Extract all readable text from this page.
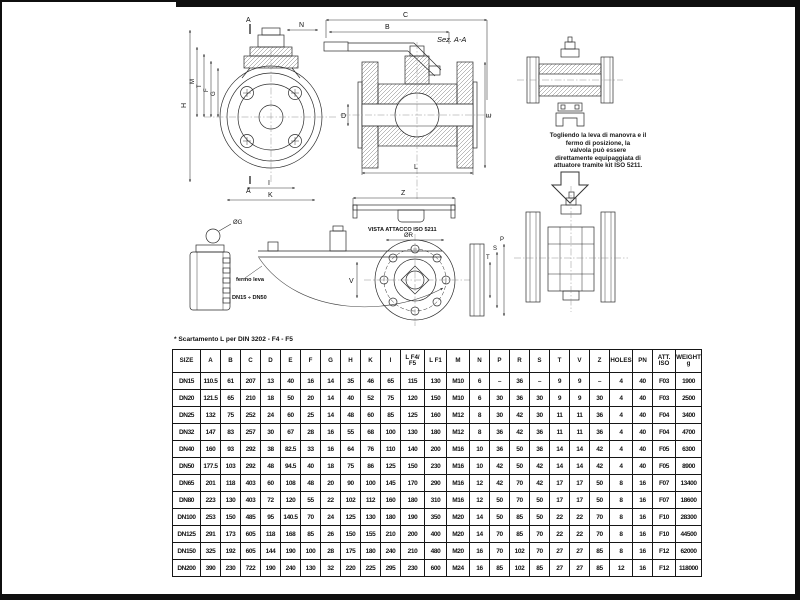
A
A
N
H
M
T
F
G
I
K
C
B
Sez. A-A
D
L
E
Z
VISTA ATTACCO ISO 5211
ØG
fermo leva
DN15 ÷ DN50
V
ØR
T
S
P
Togliendo la leva di manovra e il
fermo di posizione, la
valvola può essere
direttamente equipaggiata di
attuatore tramite kit ISO 5211.
* Scartamento L per DIN 3202 - F4 - F5
SIZE	A	B	C	D	E	F	G	H	K	I	L F4/ F5	L F1	M	N	P	R	S	T	V	Z	HOLES	PN	ATT. ISO	WEIGHT g
DN15	110.5	61	207	13	40	16	14	35	46	65	115	130	M10	6	–	36	–	9	9	–	4	40	F03	1900
DN20	121.5	65	210	18	50	20	14	40	52	75	120	150	M10	6	30	36	30	9	9	30	4	40	F03	2500
DN25	132	75	252	24	60	25	14	48	60	85	125	160	M12	8	30	42	30	11	11	36	4	40	F04	3400
DN32	147	83	257	30	67	28	16	55	68	100	130	180	M12	8	36	42	36	11	11	36	4	40	F04	4700
DN40	160	93	292	38	82.5	33	16	64	76	110	140	200	M16	10	36	50	36	14	14	42	4	40	F05	6300
DN50	177.5	103	292	48	94.5	40	18	75	86	125	150	230	M16	10	42	50	42	14	14	42	4	40	F05	8900
DN65	201	118	403	60	108	48	20	90	100	145	170	290	M16	12	42	70	42	17	17	50	8	16	F07	13400
DN80	223	130	403	72	120	55	22	102	112	160	180	310	M16	12	50	70	50	17	17	50	8	16	F07	18600
DN100	253	150	485	95	140.5	70	24	125	130	180	190	350	M20	14	50	85	50	22	22	70	8	16	F10	28300
DN125	291	173	605	118	168	85	26	150	155	210	200	400	M20	14	70	85	70	22	22	70	8	16	F10	44500
DN150	325	192	605	144	190	100	28	175	180	240	210	480	M20	16	70	102	70	27	27	85	8	16	F12	62000
DN200	390	230	722	190	240	130	32	220	225	295	230	600	M24	16	85	102	85	27	27	85	12	16	F12	118000
